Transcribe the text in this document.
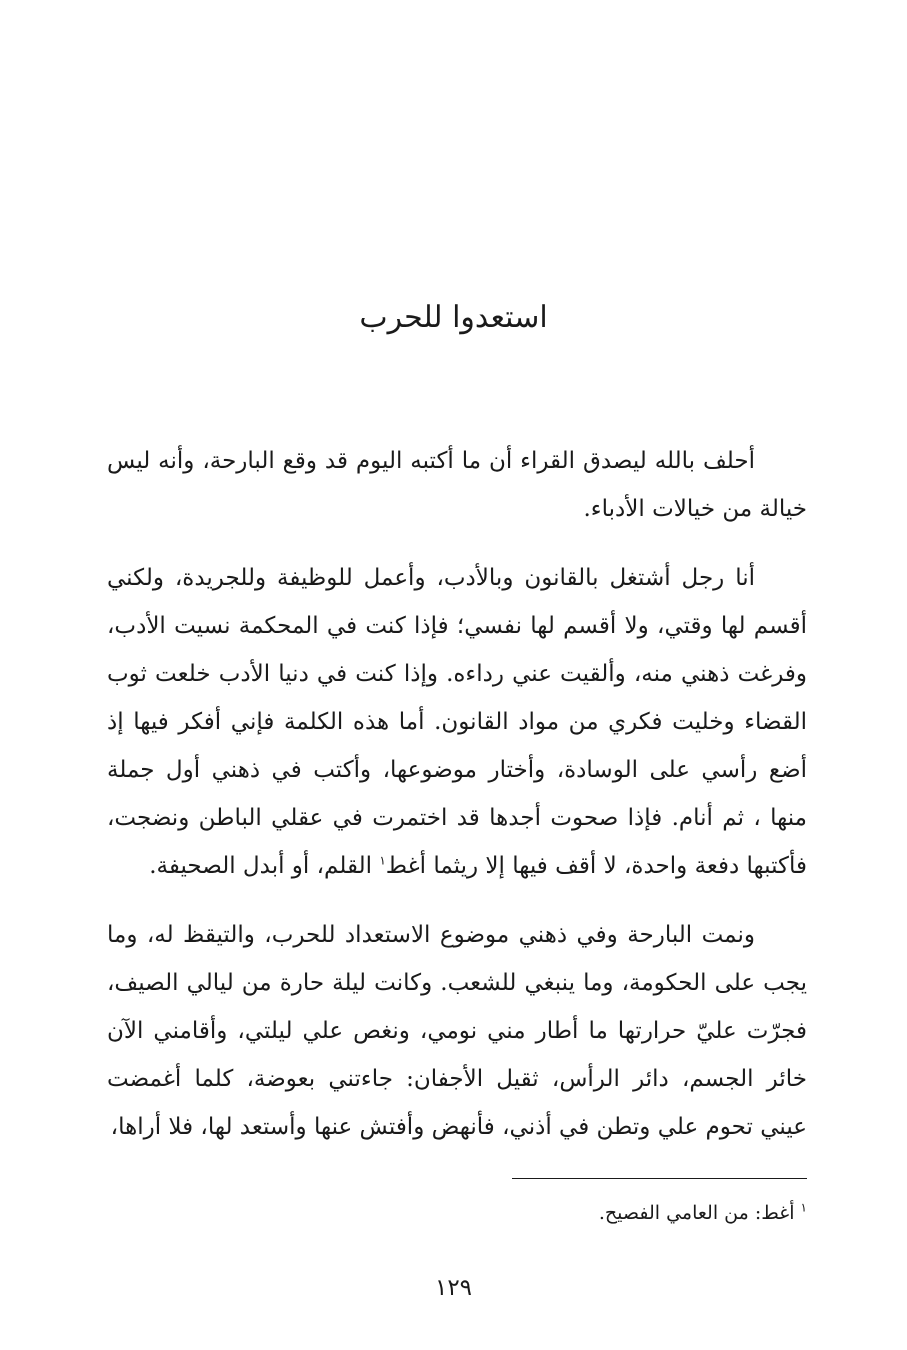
استعدوا للحرب

أحلف بالله ليصدق القراء أن ما أكتبه اليوم قد وقع البارحة، وأنه ليس خيالة من خيالات الأدباء.

أنا رجل أشتغل بالقانون وبالأدب، وأعمل للوظيفة وللجريدة، ولكني أقسم لها وقتي، ولا أقسم لها نفسي؛ فإذا كنت في المحكمة نسيت الأدب، وفرغت ذهني منه، وألقيت عني رداءه. وإذا كنت في دنيا الأدب خلعت ثوب القضاء وخليت فكري من مواد القانون. أما هذه الكلمة فإني أفكر فيها إذ أضع رأسي على الوسادة، وأختار موضوعها، وأكتب في ذهني أول جملة منها ، ثم أنام. فإذا صحوت أجدها قد اختمرت في عقلي الباطن ونضجت، فأكتبها دفعة واحدة، لا أقف فيها إلا ريثما أغط$^١$ القلم، أو أبدل الصحيفة.

ونمت البارحة وفي ذهني موضوع الاستعداد للحرب، والتيقظ له، وما يجب على الحكومة، وما ينبغي للشعب. وكانت ليلة حارة من ليالي الصيف، فجرّت عليّ حرارتها ما أطار مني نومي، ونغص علي ليلتي، وأقامني الآن خائر الجسم، دائر الرأس، ثقيل الأجفان: جاءتني بعوضة، كلما أغمضت عيني تحوم علي وتطن في أذني، فأنهض وأفتش عنها وأستعد لها، فلا أراها،

$^١$ أغط: من العامي الفصيح.

١٢٩
